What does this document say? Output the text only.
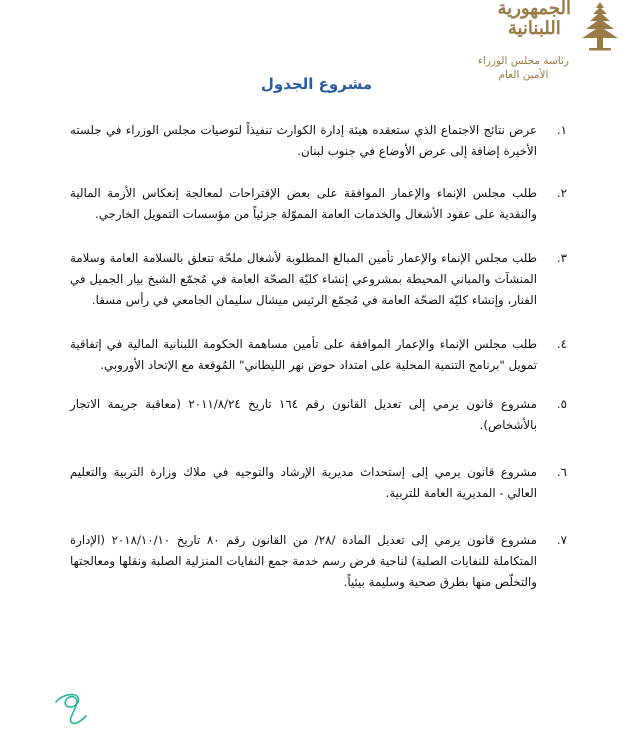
الجمهورية
اللبنانية
رئاسة مجلس الوزراء
الأمين العام
مشروع الجدول
١.
عرض نتائج الاجتماع الذي ستعقده هيئة إدارة الكوارث تنفيذاً لتوصيات مجلس الوزراء في جلسته الأخيرة إضافة إلى عرض الأوضاع في جنوب لبنان.
٢.
طلب مجلس الإنماء والإعمار الموافقة على بعض الإقتراحات لمعالجة إنعكاس الأزمة المالية والنقدية على عقود الأشغال والخدمات العامة المموّلة جزئياً من مؤسسات التمويل الخارجي.
٣.
طلب مجلس الإنماء والإعمار تأمين المبالغ المطلوبة لأشغال ملحّة تتعلق بالسلامة العامة وسلامة المنشآت والمباني المحيطة بمشروعي إنشاء كليّة الصحّة العامة في مُجمّع الشيخ بيار الجميل في الفنار، وإنشاء كليّة الصحّة العامة في مُجمّع الرئيس ميشال سليمان الجامعي في رأس مسقا.
٤.
طلب مجلس الإنماء والإعمار الموافقة على تأمين مساهمة الحكومة اللبنانية المالية في إتفاقية تمويل "برنامج التنمية المحلية على امتداد حوض نهر الليطاني" المُوقعة مع الإتحاد الأوروبي.
٥.
مشروع قانون يرمي إلى تعديل القانون رقم ١٦٤ تاريخ ٢٠١١/٨/٢٤ (معاقبة جريمة الاتجار بالأشخاص).
٦.
مشروع قانون يرمي إلى إستحداث مديرية الإرشاد والتوجيه في ملاك وزارة التربية والتعليم العالي - المديرية العامة للتربية.
٧.
مشروع قانون يرمي إلى تعديل المادة /٢٨/ من القانون رقم ٨٠ تاريخ ٢٠١٨/١٠/١٠ (الإدارة المتكاملة للنفايات الصلبة) لناحية فرض رسم خدمة جمع النفايات المنزلية الصلبة ونقلها ومعالجتها والتخلّص منها بطرق صحية وسليمة بيئياً.
